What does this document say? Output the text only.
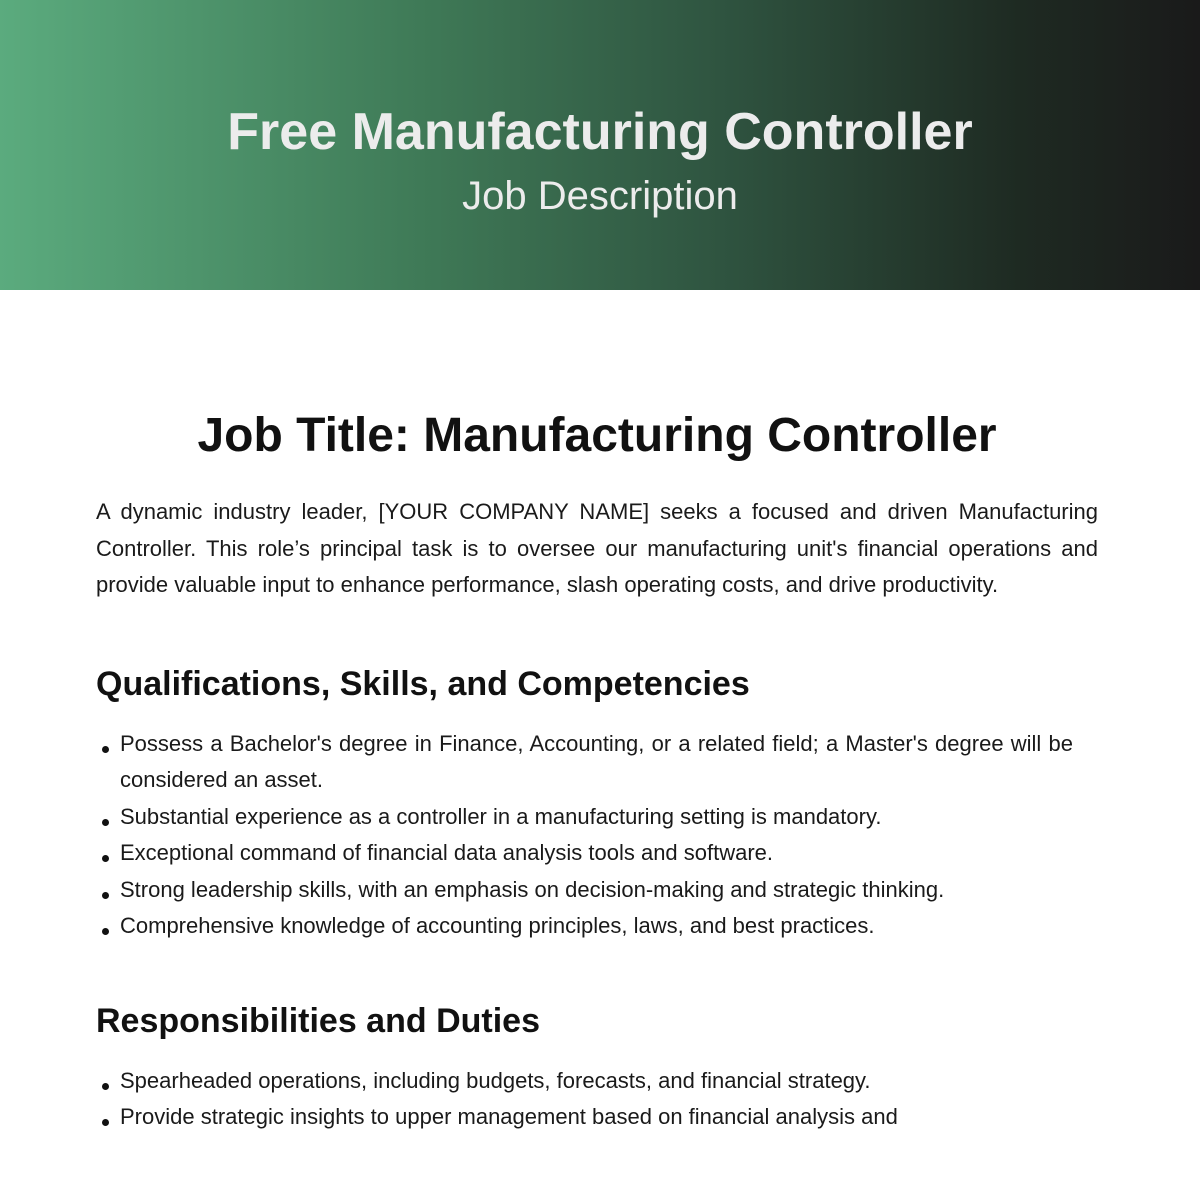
Free Manufacturing Controller
Job Description
Job Title: Manufacturing Controller

A dynamic industry leader, [YOUR COMPANY NAME] seeks a focused and driven Manufacturing Controller. This role’s principal task is to oversee our manufacturing unit's financial operations and provide valuable input to enhance performance, slash operating costs, and drive productivity.

Qualifications, Skills, and Competencies
Possess a Bachelor's degree in Finance, Accounting, or a related field; a Master's degree will be considered an asset.
Substantial experience as a controller in a manufacturing setting is mandatory.
Exceptional command of financial data analysis tools and software.
Strong leadership skills, with an emphasis on decision-making and strategic thinking.
Comprehensive knowledge of accounting principles, laws, and best practices.
Responsibilities and Duties
Spearheaded operations, including budgets, forecasts, and financial strategy.
Provide strategic insights to upper management based on financial analysis and
